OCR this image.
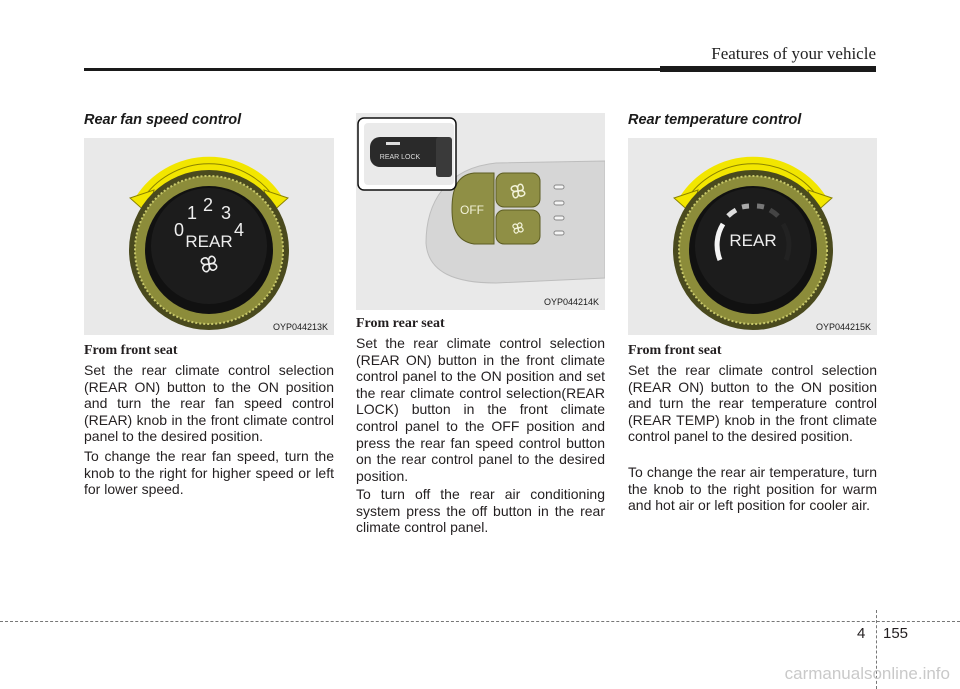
Features of your vehicle
Rear fan speed control
0
1 2 3
4
REAR
OYP044213K
From front seat

Set the rear climate control selection (REAR ON) button to the ON position and turn the rear fan speed control (REAR) knob in the front climate control panel to the desired position.

To change the rear fan speed, turn the knob to the right for higher speed or left for lower speed.

OFF
REAR LOCK
OYP044214K
From rear seat

Set the rear climate control selection (REAR ON) button in the front climate control panel to the ON position and set the rear climate control selection(REAR LOCK) button in the front climate control panel to the OFF position and press the rear fan speed control button on the rear control panel to the desired position.

To turn off the rear air conditioning system press the off button in the rear climate control panel.

Rear temperature control
REAR
OYP044215K
From front seat

Set the rear climate control selection (REAR ON) button to the ON position and turn the rear temperature control (REAR TEMP) knob in the front climate control panel to the desired position.

To change the rear air temperature, turn the knob to the right position for warm and hot air or left position for cooler air.

4 155
carmanualsonline.info
